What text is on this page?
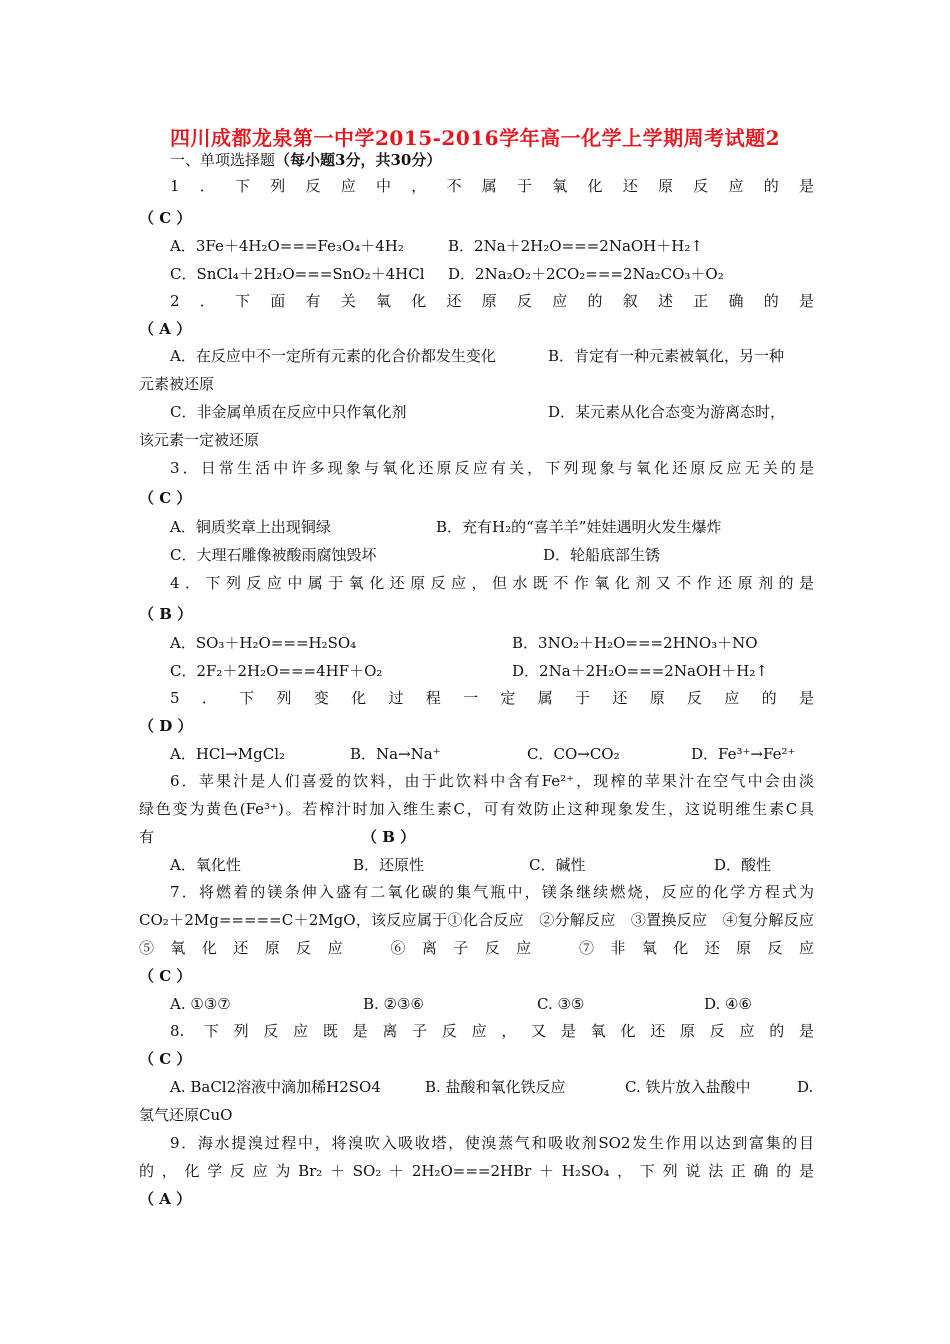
四川成都龙泉第一中学2015-2016学年高一化学上学期周考试题2
一、单项选择题（每小题3分，共30分）
1．下列反应中，不属于氧化还原反应的是
（ C ）
A．3Fe＋4H₂O===Fe₃O₄＋4H₂	B．2Na＋2H₂O===2NaOH＋H₂↑
C．SnCl₄＋2H₂O===SnO₂＋4HCl D．2Na₂O₂＋2CO₂===2Na₂CO₃＋O₂
2．下面有关氧化还原反应的叙述正确的是
（ A ）
A．在反应中不一定所有元素的化合价都发生变化	B．肯定有一种元素被氧化，另一种
元素被还原
C．非金属单质在反应中只作氧化剂	D．某元素从化合态变为游离态时，
该元素一定被还原
3．日常生活中许多现象与氧化还原反应有关，下列现象与氧化还原反应无关的是
（ C ）
A．铜质奖章上出现铜绿	B．充有H₂的“喜羊羊”娃娃遇明火发生爆炸
C．大理石雕像被酸雨腐蚀毁坏	D．轮船底部生锈
4．下列反应中属于氧化还原反应，但水既不作氧化剂又不作还原剂的是
（ B ）
A．SO₃＋H₂O===H₂SO₄	B．3NO₂＋H₂O===2HNO₃＋NO
C．2F₂＋2H₂O===4HF＋O₂	D．2Na＋2H₂O===2NaOH＋H₂↑
5．下列变化过程一定属于还原反应的是
（ D ）
A．HCl→MgCl₂	B．Na→Na⁺	C．CO→CO₂	D．Fe³⁺→Fe²⁺
6．苹果汁是人们喜爱的饮料，由于此饮料中含有Fe²⁺，现榨的苹果汁在空气中会由淡
绿色变为黄色(Fe³⁺)。若榨汁时加入维生素C，可有效防止这种现象发生，这说明维生素C具
有	（ B ）
A．氧化性	B．还原性	C．碱性	D．酸性
7．将燃着的镁条伸入盛有二氧化碳的集气瓶中，镁条继续燃烧，反应的化学方程式为
CO₂＋2Mg=====C＋2MgO，该反应属于①化合反应　②分解反应　③置换反应　④复分解反应
⑤氧化还原反应　⑥离子反应　⑦非氧化还原反应
（ C ）
A. ①③⑦	B. ②③⑥	C. ③⑤	D. ④⑥
8. 下列反应既是离子反应，又是氧化还原反应的是
（ C ）
A. BaCl2溶液中滴加稀H2SO4	B. 盐酸和氧化铁反应	C. 铁片放入盐酸中	D.
氢气还原CuO
9．海水提溴过程中，将溴吹入吸收塔，使溴蒸气和吸收剂SO2发生作用以达到富集的目
的，化学反应为Br₂＋SO₂＋2H₂O===2HBr＋H₂SO₄，下列说法正确的是
（ A ）
